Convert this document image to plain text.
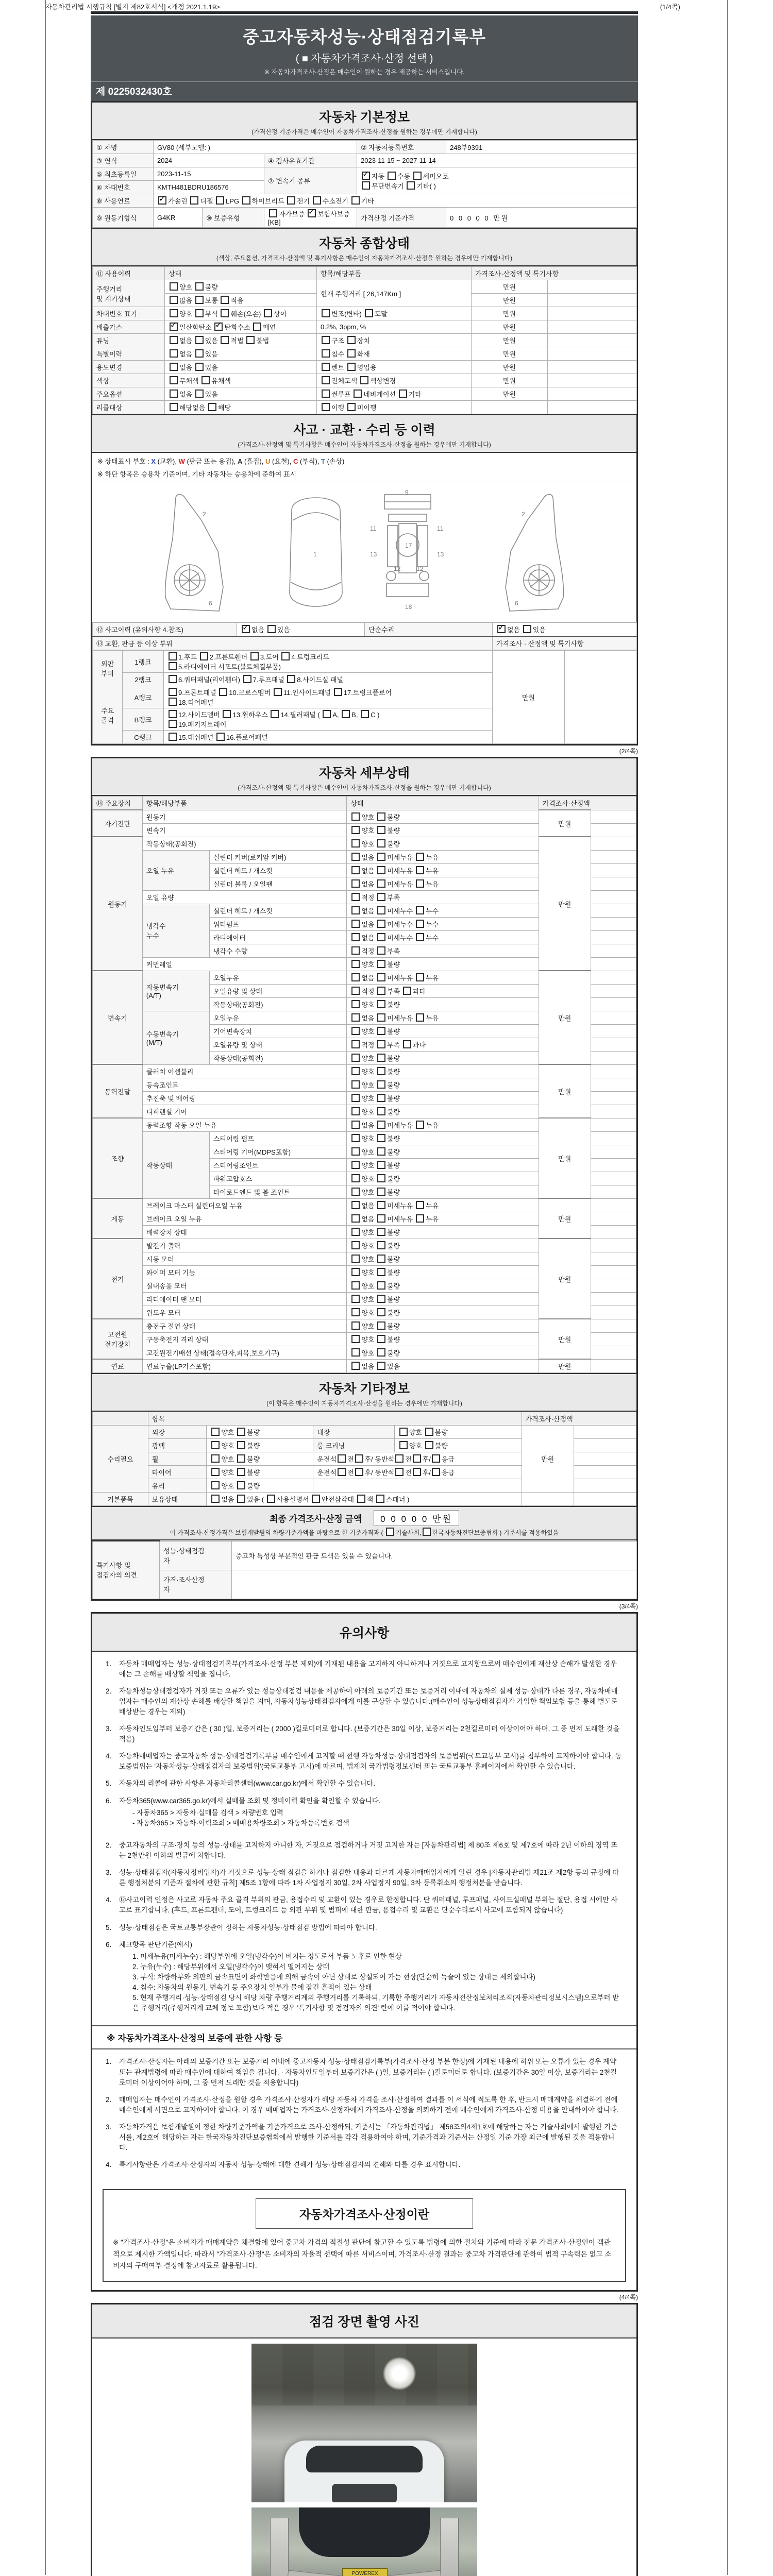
자동차관리법 시행규칙 [별지 제82호서식] <개정 2021.1.19>	(1/4쪽)
중고자동차성능·상태점검기록부
( ■ 자동차가격조사·산정 선택 )
※ 자동차가격조사·산정은 매수인이 원하는 경우 제공하는 서비스입니다.
제 0225032430호
자동차 기본정보
(가격산정 기준가격은 매수인이 자동차가격조사·산정을 원하는 경우에만 기재합니다)
① 차명	GV80 (세부모델: )			② 자동차등록번호	248부9391
③ 연식	2024		④ 검사유효기간	2023-11-15 ~ 2027-11-14	
⑤ 최초등록일	2023-11-15		⑦ 변속기 종류	✓ 자동 수동 세미오토
무단변속기 기타( )	
⑥ 차대번호	KMTH481BDRU186576				
⑧ 사용연료	✓ 가솔린 디젤 LPG 하이브리드 전기 수소전기 기타				
⑨ 원동기형식	G4KR	⑩ 보증유형	자가보증 ✓ 보험사보증 [KB]	가격산정 기준가격	0 0 0 0 0 만원
자동차 종합상태
(색상, 주요옵션, 가격조사·산정액 및 특기사항은 매수인이 자동차가격조사·산정을 원하는 경우에만 기재합니다)
⑪ 사용이력	상태	항목/해당부품	가격조사·산정액 및 특기사항	
주행거리
및 계기상태	양호 불량	현재 주행거리 [ 26,147Km ]	만원	
	많음 보통 적음		만원	
차대번호 표기	양호 부식 훼손(오손) 상이	변조(변타) 도말	만원	
배출가스	✓ 일산화탄소 ✓ 탄화수소 매연	0.2%, 3ppm, %	만원	
튜닝	없음 있음 적법 불법	구조 장치	만원	
특별이력	없음 있음	침수 화재	만원	
용도변경	없음 있음	렌트 영업용	만원	
색상	무채색 유채색	전체도색 색상변경	만원	
주요옵션	없음 있음	썬루프 네비게이션 기타	만원	
리콜대상	해당없음 해당	이행 미이행		
사고 · 교환 · 수리 등 이력
(가격조사·산정액 및 특기사항은 매수인이 자동차가격조사·산정을 원하는 경우에만 기재합니다)
※ 상태표시 부호 : X (교환), W (판금 또는 용접), A (흠집), U (요철), C (부식), T (손상)
※ 하단 항목은 승용차 기준이며, 기타 자동차는 승용차에 준하여 표시
2
6
1
11	11
13	13
12	12
17
18
9
2
6
⑫ 사고이력 (유의사항 4.참조)	✓ 없음 있음	단순수리	✓ 없음 있음
⑬ 교환, 판금 등 이상 부위			가격조사 · 산정액 및 특기사항
외판
부위	1랭크	1.후드 2.프론트휀더 3.도어 4.트렁크리드
5.라디에이터 서포트(볼트체결부품)	만원	
	2랭크	6.쿼터패널(리어휀더) 7.루프패널 8.사이드실 패널		
주요
골격	A랭크	9.프론트패널 10.크로스멤버 11.인사이드패널 17.트렁크플로어
18.리어패널		
	B랭크	12.사이드멤버 13.휠하우스 14.필러패널 ( A, B, C )
19.패키지트레이		
	C랭크	15.대쉬패널 16.플로어패널		
(2/4쪽)
자동차 세부상태
(가격조사·산정액 및 특기사항은 매수인이 자동차가격조사·산정을 원하는 경우에만 기재합니다)
⑭ 주요장치	항목/해당부품		상태	가격조사·산정액	
자기진단	원동기		양호 불량	만원	
	변속기		양호 불량		
원동기	작동상태(공회전)		양호 불량	만원	
	오일 누유	실린더 커버(로커암 커버)	없음 미세누유 누유		
		실린더 헤드 / 개스킷	없음 미세누유 누유		
		실린더 블록 / 오일팬	없음 미세누유 누유		
	오일 유량		적정 부족		
	냉각수
누수	실린더 헤드 / 개스킷	없음 미세누수 누수		
		워터펌프	없음 미세누수 누수		
		라디에이터	없음 미세누수 누수		
		냉각수 수량	적정 부족		
	커먼레일		양호 불량		
변속기	자동변속기
(A/T)	오일누유	없음 미세누유 누유	만원	
		오일유량 및 상태	적정 부족 과다		
		작동상태(공회전)	양호 불량		
	수동변속기
(M/T)	오일누유	없음 미세누유 누유		
		기어변속장치	양호 불량		
		오일유량 및 상태	적정 부족 과다		
		작동상태(공회전)	양호 불량		
동력전달	클러치 어셈블리		양호 불량	만원	
	등속조인트		양호 불량		
	추진축 및 베어링		양호 불량		
	디퍼렌셜 기어		양호 불량		
조향	동력조향 작동 오일 누유		없음 미세누유 누유	만원	
	작동상태	스티어링 펌프	양호 불량		
		스티어링 기어(MDPS포함)	양호 불량		
		스티어링조인트	양호 불량		
		파워고압호스	양호 불량		
		타이로드엔드 및 볼 조인트	양호 불량		
제동	브레이크 마스터 실린더오일 누유		없음 미세누유 누유	만원	
	브레이크 오일 누유		없음 미세누유 누유		
	배력장치 상태		양호 불량		
전기	발전기 출력		양호 불량	만원	
	시동 모터		양호 불량		
	와이퍼 모터 기능		양호 불량		
	실내송풍 모터		양호 불량		
	라디에이터 팬 모터		양호 불량		
	윈도우 모터		양호 불량		
고전원
전기장치	충전구 절연 상태		양호 불량	만원	
	구동축전지 격리 상태		양호 불량		
	고전원전기배선 상태(접속단자,피복,보호기구)		양호 불량		
연료	연료누출(LP가스포함)		없음 있음	만원	
자동차 기타정보
(이 항목은 매수인이 자동차가격조사·산정을 원하는 경우에만 기재합니다)
	항목				가격조사·산정액	
수리필요	외장	양호 불량	내장	양호 불량	만원	
	광택	양호 불량	룸 크리닝	양호 불량		
	휠	양호 불량	운전석 전 후/ 동반석 전 후/ 응급			
	타이어	양호 불량	운전석 전 후/ 동반석 전 후/ 응급			
	유리	양호 불량				
기본품목	보유상태	없음 있음 ( 사용설명서 안전삼각대 잭 스패너 )				
최종 가격조사·산정 금액 0 0 0 0 0 만원
이 가격조사·산정가격은 보험개발원의 차량기준가액을 바탕으로 한 기준가격과 ( 기술사회, 한국자동차진단보증협회 ) 기준서를 적용하였음
특기사항 및
점검자의 의견	성능·상태점검
자	중고차 특성상 부분적인 판금 도색은 있을 수 있습니다.
	가격·조사산정
자	
(3/4쪽)
유의사항
1.	자동차 매매업자는 성능·상태점검기록부(가격조사·산정 부분 제외)에 기재된 내용을 고지하지 아니하거나 거짓으로 고지함으로써 매수인에게 재산상 손해가 발생한 경우에는 그 손해를 배상할 책임을 집니다.
2.	자동차성능상태점검자가 거짓 또는 오류가 있는 성능상태점검 내용을 제공하여 아래의 보증기간 또는 보증거리 이내에 자동차의 실제 성능·상태가 다른 경우, 자동차매매업자는 매수인의 재산상 손해를 배상할 책임을 지며, 자동차성능상태점검자에게 이를 구상할 수 있습니다.(매수인이 성능상태점검자가 가입한 책임보험 등을 통해 별도로 배상받는 경우는 제외)
3.	자동차인도일부터 보증기간은 ( 30 )일, 보증거리는 ( 2000 )킬로미터로 합니다. (보증기간은 30일 이상, 보증거리는 2천킬로미터 이상이어야 하며, 그 중 먼저 도래한 것을 적용)
4.	자동차매매업자는 중고자동차 성능·상태점검기록부를 매수인에게 고지할 때 현행 자동차성능·상태점검자의 보증범위(국토교통부 고시)를 첨부하여 고지하여야 합니다. 동 보증범위는 '자동차성능·상태점검자의 보증범위'(국토교통부 고시)에 따르며, 법제처 국가법령정보센터 또는 국토교통부 홈페이지에서 확인할 수 있습니다.
5.	자동차의 리콜에 관한 사항은 자동차리콜센터(www.car.go.kr)에서 확인할 수 있습니다.
6.	자동차365(www.car365.go.kr)에서 실매물 조회 및 정비이력 확인을 확인할 수 있습니다.
- 자동차365 > 자동차·실매물 검색 > 차량번호 입력
- 자동차365 > 자동차·이력조회 > 매매용차량조회 > 자동차등록번호 검색
2.	중고자동차의 구조·장치 등의 성능·상태를 고지하지 아니한 자, 거짓으로 점검하거나 거짓 고지한 자는 [자동차관리법] 제 80조 제6호 및 제7호에 따라 2년 이하의 징역 또는 2천만원 이하의 벌금에 처합니다.
3.	성능·상태점검자(자동차정비업자)가 거짓으로 성능·상태 점검을 하거나 점검한 내용과 다르게 자동차매매업자에게 알린 경우 [자동차관리법 제21조 제2항 등의 규정에 따른 행정처분의 기준과 절차에 관한 규칙] 제5조 1항에 따라 1차 사업정지 30일, 2차 사업정지 90일, 3차 등록취소의 행정처분을 받습니다.
4.	⑫사고이력 인정은 사고로 자동차 주요 골격 부위의 판금, 용접수리 및 교환이 있는 경우로 한정합니다. 단 쿼터패널, 루프패널, 사이드실패널 부위는 절단, 용접 시에만 사고로 표기합니다. (후드, 프론트펜더, 도어, 트렁크리드 등 외판 부위 및 범퍼에 대한 판금, 용접수리 및 교환은 단순수리로서 사고에 포함되지 않습니다)
5.	성능·상태점검은 국토교통부장관이 정하는 자동차성능·상태점검 방법에 따라야 합니다.
6.	체크항목 판단기준(예시)
1. 미세누유(미세누수) : 해당부위에 오일(냉각수)이 비치는 정도로서 부품 노후로 인한 현상
2. 누유(누수) : 해당부위에서 오일(냉각수)이 맺혀서 떨어지는 상태
3. 부식: 차량하부와 외판의 금속표면이 화학반응에 의해 금속이 아닌 상태로 상실되어 가는 현상(단순히 녹슬어 있는 상태는 제외합니다)
4. 침수: 자동차의 원동기, 변속기 등 주요장치 일부가 물에 잠긴 흔적이 있는 상태
5. 현재 주행거리·성능·상태점검 당시 해당 차량 주행거리계의 주행거리를 기록하되, 기록한 주행거리가 자동차전산정보처리조직(자동차관리정보시스템)으로부터 받은 주행거리(주행거리계 교체 정보 포함)보다 적은 경우 '특기사항 및 점검자의 의견' 란에 이를 적어야 합니다.
※ 자동차가격조사·산정의 보증에 관한 사항 등
1.	가격조사·산정자는 아래의 보증기간 또는 보증거리 이내에 중고자동차 성능·상태점검기록부(가격조사·산정 부분 한정)에 기재된 내용에 허위 또는 오류가 있는 경우 계약 또는 관계법령에 따라 매수인에 대하여 책임을 집니다. · 자동차인도일부터 보증기간은 ( )일, 보증거리는 ( )킬로미터로 합니다. (보증기간은 30일 이상, 보증거리는 2천킬로미터 이상이어야 하며, 그 중 먼저 도래한 것을 적용합니다)
2.	매매업자는 매수인이 가격조사·산정을 원할 경우 가격조사·산정자가 해당 자동차 가격을 조사·산정하여 결과를 이 서식에 적도록 한 후, 반드시 매매계약을 체결하기 전에 매수인에게 서면으로 고지하여야 합니다. 이 경우 매매업자는 가격조사·산정자에게 가격조사·산정을 의뢰하기 전에 매수인에게 가격조사·산정 비용을 안내하여야 합니다.
3.	자동차가격은 보험개발원이 정한 차량기준가액을 기준가격으로 조사·산정하되, 기준서는 「자동차관리법」 제58조의4제1호에 해당하는 자는 기술사회에서 발행한 기준서를, 제2호에 해당하는 자는 한국자동차진단보증협회에서 발행한 기준서를 각각 적용하여야 하며, 기준가격과 기준서는 산정일 기준 가장 최근에 발행된 것을 적용합니다.
4.	특기사항란은 가격조사·산정자의 자동차 성능·상태에 대한 견해가 성능·상태점검자의 견해와 다를 경우 표시합니다.
자동차가격조사·산정이란
※ "가격조사·산정"은 소비자가 매매계약을 체결함에 있어 중고차 가격의 적절성 판단에 참고할 수 있도록 법령에 의한 절차와 기준에 따라 전문 가격조사·산정인이 객관적으로 제시한 가액입니다. 따라서 "가격조사·산정"은 소비자의 자율적 선택에 따른 서비스이며, 가격조사·산정 결과는 중고차 가격판단에 관하여 법적 구속력은 없고 소비자의 구매여부 결정에 참고자료로 활용됩니다.
(4/4쪽)
점검 장면 촬영 사진
POWEREX
